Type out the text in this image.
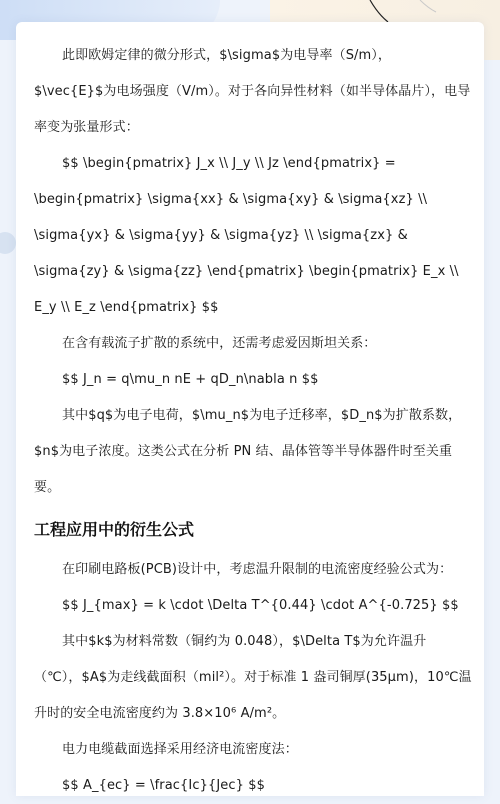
此即欧姆定律的微分形式，$\sigma$为电导率（S/m），$\vec{E}$为电场强度（V/m）。对于各向异性材料（如半导体晶片），电导率变为张量形式：

$$ \begin{pmatrix} J_x \\ J_y \\ Jz \end{pmatrix} = \begin{pmatrix} \sigma{xx} & \sigma{xy} & \sigma{xz} \\ \sigma{yx} & \sigma{yy} & \sigma{yz} \\ \sigma{zx} & \sigma{zy} & \sigma{zz} \end{pmatrix} \begin{pmatrix} E_x \\ E_y \\ E_z \end{pmatrix} $$

在含有载流子扩散的系统中，还需考虑爱因斯坦关系：

$$ J_n = q\mu_n nE + qD_n\nabla n $$

其中$q$为电子电荷，$\mu_n$为电子迁移率，$D_n$为扩散系数，$n$为电子浓度。这类公式在分析 PN 结、晶体管等半导体器件时至关重要。

工程应用中的衍生公式

在印刷电路板(PCB)设计中，考虑温升限制的电流密度经验公式为：

$$ J_{max} = k \cdot \Delta T^{0.44} \cdot A^{-0.725} $$

其中$k$为材料常数（铜约为 0.048），$\Delta T$为允许温升（℃），$A$为走线截面积（mil²）。对于标准 1 盎司铜厚(35μm)，10℃温升时的安全电流密度约为 3.8×10⁶ A/m²。

电力电缆截面选择采用经济电流密度法：

$$ A_{ec} = \frac{Ic}{Jec} $$
